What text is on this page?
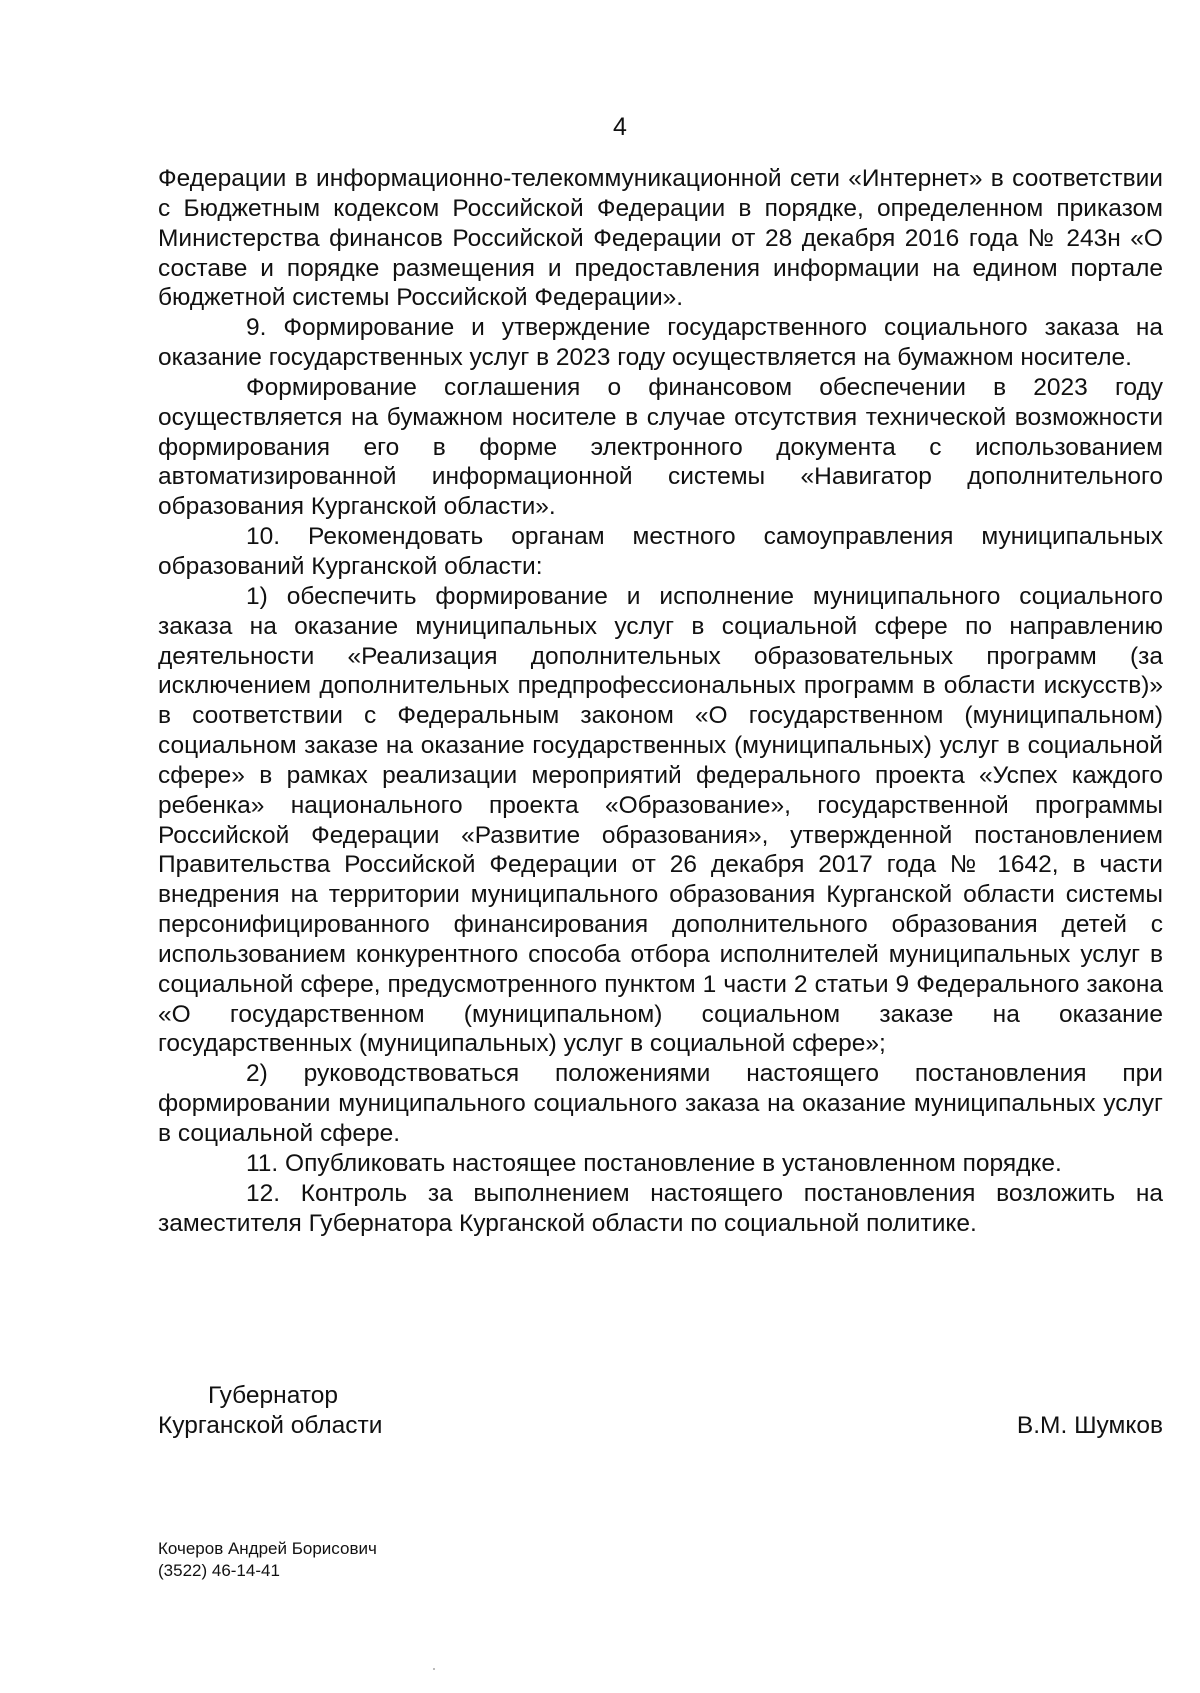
4

Федерации в информационно-телекоммуникационной сети «Интернет» в соответствии с Бюджетным кодексом Российской Федерации в порядке, определенном приказом Министерства финансов Российской Федерации от 28 декабря 2016 года № 243н «О составе и порядке размещения и предоставления информации на едином портале бюджетной системы Российской Федерации».

9. Формирование и утверждение государственного социального заказа на оказание государственных услуг в 2023 году осуществляется на бумажном носителе.

Формирование соглашения о финансовом обеспечении в 2023 году осуществляется на бумажном носителе в случае отсутствия технической возможности формирования его в форме электронного документа с использованием автоматизированной информационной системы «Навигатор дополнительного образования Курганской области».

10. Рекомендовать органам местного самоуправления муниципальных образований Курганской области:

1) обеспечить формирование и исполнение муниципального социального заказа на оказание муниципальных услуг в социальной сфере по направлению деятельности «Реализация дополнительных образовательных программ (за исключением дополнительных предпрофессиональных программ в области искусств)» в соответствии с Федеральным законом «О государственном (муниципальном) социальном заказе на оказание государственных (муниципальных) услуг в социальной сфере» в рамках реализации мероприятий федерального проекта «Успех каждого ребенка» национального проекта «Образование», государственной программы Российской Федерации «Развитие образования», утвержденной постановлением Правительства Российской Федерации от 26 декабря 2017 года № 1642, в части внедрения на территории муниципального образования Курганской области системы персонифицированного финансирования дополнительного образования детей с использованием конкурентного способа отбора исполнителей муниципальных услуг в социальной сфере, предусмотренного пунктом 1 части 2 статьи 9 Федерального закона «О государственном (муниципальном) социальном заказе на оказание государственных (муниципальных) услуг в социальной сфере»;

2) руководствоваться положениями настоящего постановления при формировании муниципального социального заказа на оказание муниципальных услуг в социальной сфере.

11. Опубликовать настоящее постановление в установленном порядке.

12. Контроль за выполнением настоящего постановления возложить на заместителя Губернатора Курганской области по социальной политике.

Губернатор
Курганской области	В.М. Шумков
Кочеров Андрей Борисович
(3522) 46-14-41
